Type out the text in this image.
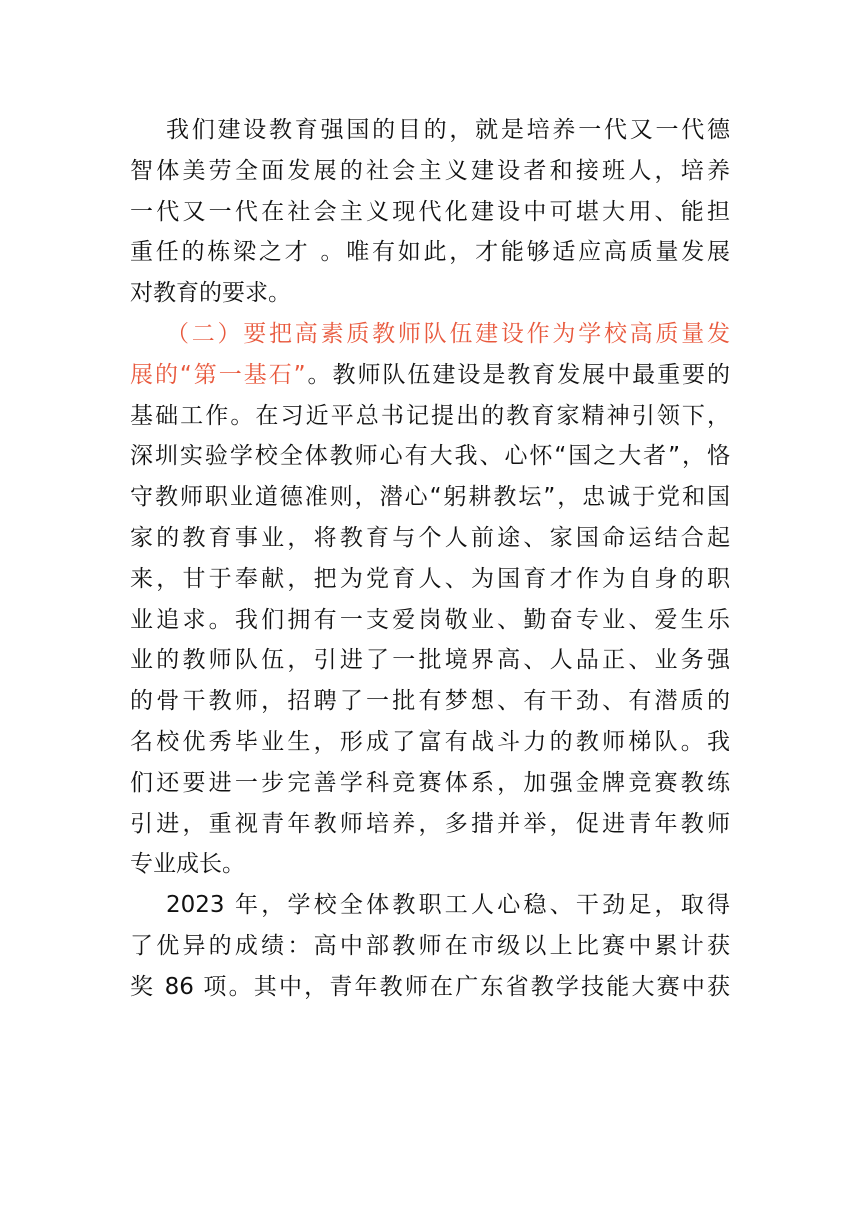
我们建设教育强国的目的，就是培养一代又一代德
智体美劳全面发展的社会主义建设者和接班人，培养
一代又一代在社会主义现代化建设中可堪大用、能担
重任的栋梁之才 。唯有如此，才能够适应高质量发展
对教育的要求。
（二）要把高素质教师队伍建设作为学校高质量发
展的“第一基石”。教师队伍建设是教育发展中最重要的
基础工作。在习近平总书记提出的教育家精神引领下，
深圳实验学校全体教师心有大我、心怀“国之大者”，恪
守教师职业道德准则，潜心“躬耕教坛”，忠诚于党和国
家的教育事业，将教育与个人前途、家国命运结合起
来，甘于奉献，把为党育人、为国育才作为自身的职
业追求。我们拥有一支爱岗敬业、勤奋专业、爱生乐
业的教师队伍，引进了一批境界高、人品正、业务强
的骨干教师，招聘了一批有梦想、有干劲、有潜质的
名校优秀毕业生，形成了富有战斗力的教师梯队。我
们还要进一步完善学科竞赛体系，加强金牌竞赛教练
引进，重视青年教师培养，多措并举，促进青年教师
专业成长。
2023 年，学校全体教职工人心稳、干劲足，取得
了优异的成绩：高中部教师在市级以上比赛中累计获
奖 86 项。其中，青年教师在广东省教学技能大赛中获
